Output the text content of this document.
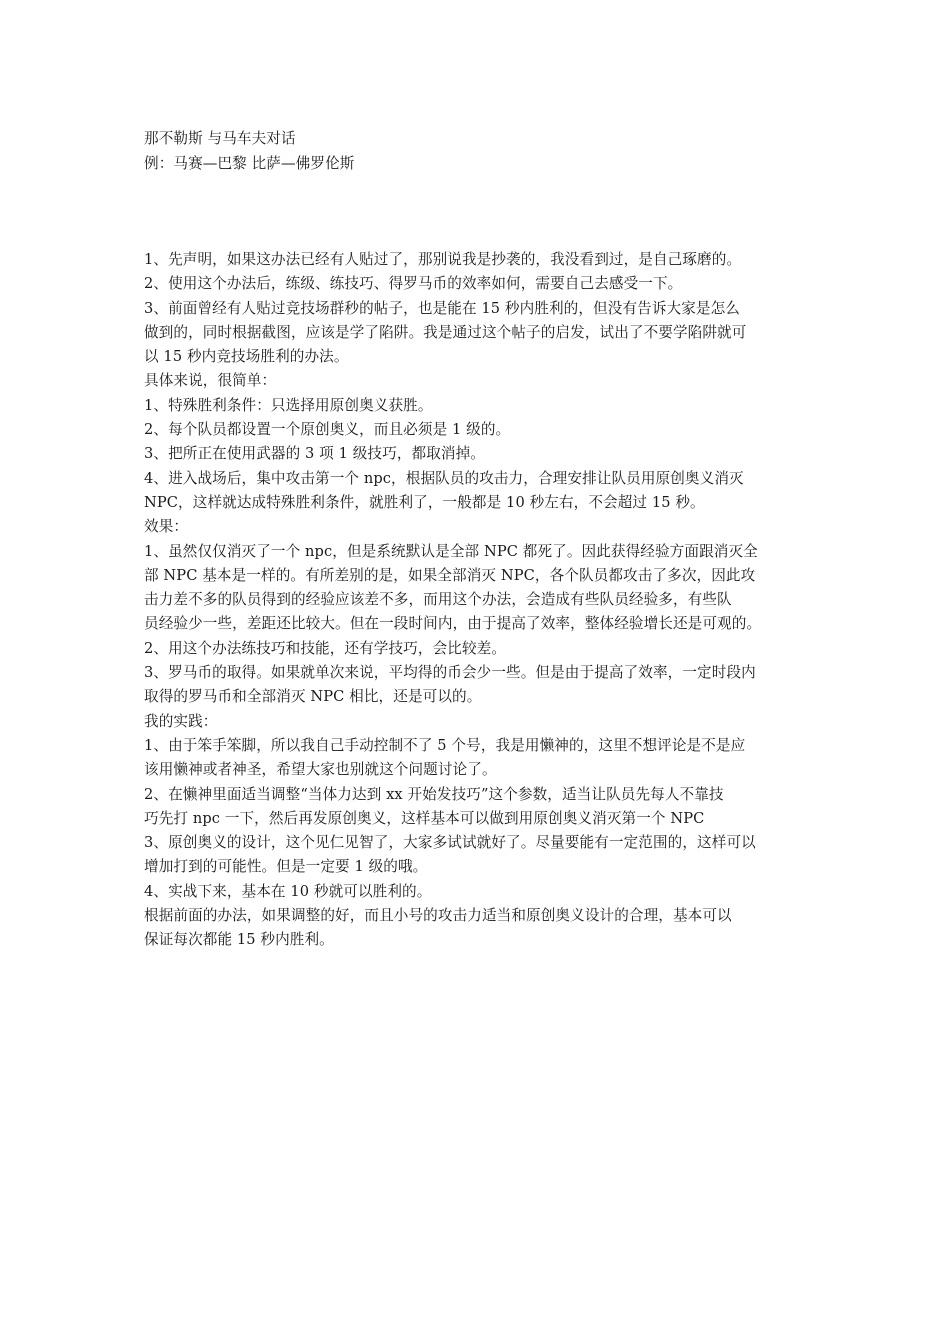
那不勒斯 与马车夫对话
例：马赛—巴黎 比萨—佛罗伦斯
1、先声明，如果这办法已经有人贴过了，那别说我是抄袭的，我没看到过，是自己琢磨的。
2、使用这个办法后，练级、练技巧、得罗马币的效率如何，需要自己去感受一下。
3、前面曾经有人贴过竞技场群秒的帖子，也是能在 15 秒内胜利的，但没有告诉大家是怎么
做到的，同时根据截图，应该是学了陷阱。我是通过这个帖子的启发，试出了不要学陷阱就可
以 15 秒内竞技场胜利的办法。
具体来说，很简单：
1、特殊胜利条件：只选择用原创奥义获胜。
2、每个队员都设置一个原创奥义，而且必须是 1 级的。
3、把所正在使用武器的 3 项 1 级技巧，都取消掉。
4、进入战场后，集中攻击第一个 npc，根据队员的攻击力，合理安排让队员用原创奥义消灭
NPC，这样就达成特殊胜利条件，就胜利了，一般都是 10 秒左右，不会超过 15 秒。
效果：
1、虽然仅仅消灭了一个 npc，但是系统默认是全部 NPC 都死了。因此获得经验方面跟消灭全
部 NPC 基本是一样的。有所差别的是，如果全部消灭 NPC，各个队员都攻击了多次，因此攻
击力差不多的队员得到的经验应该差不多，而用这个办法，会造成有些队员经验多，有些队
员经验少一些，差距还比较大。但在一段时间内，由于提高了效率，整体经验增长还是可观的。
2、用这个办法练技巧和技能，还有学技巧，会比较差。
3、罗马币的取得。如果就单次来说，平均得的币会少一些。但是由于提高了效率，一定时段内
取得的罗马币和全部消灭 NPC 相比，还是可以的。
我的实践：
1、由于笨手笨脚，所以我自己手动控制不了 5 个号，我是用懒神的，这里不想评论是不是应
该用懒神或者神圣，希望大家也别就这个问题讨论了。
2、在懒神里面适当调整“当体力达到 xx 开始发技巧”这个参数，适当让队员先每人不靠技
巧先打 npc 一下，然后再发原创奥义，这样基本可以做到用原创奥义消灭第一个 NPC
3、原创奥义的设计，这个见仁见智了，大家多试试就好了。尽量要能有一定范围的，这样可以
增加打到的可能性。但是一定要 1 级的哦。
4、实战下来，基本在 10 秒就可以胜利的。
根据前面的办法，如果调整的好，而且小号的攻击力适当和原创奥义设计的合理，基本可以
保证每次都能 15 秒内胜利。
